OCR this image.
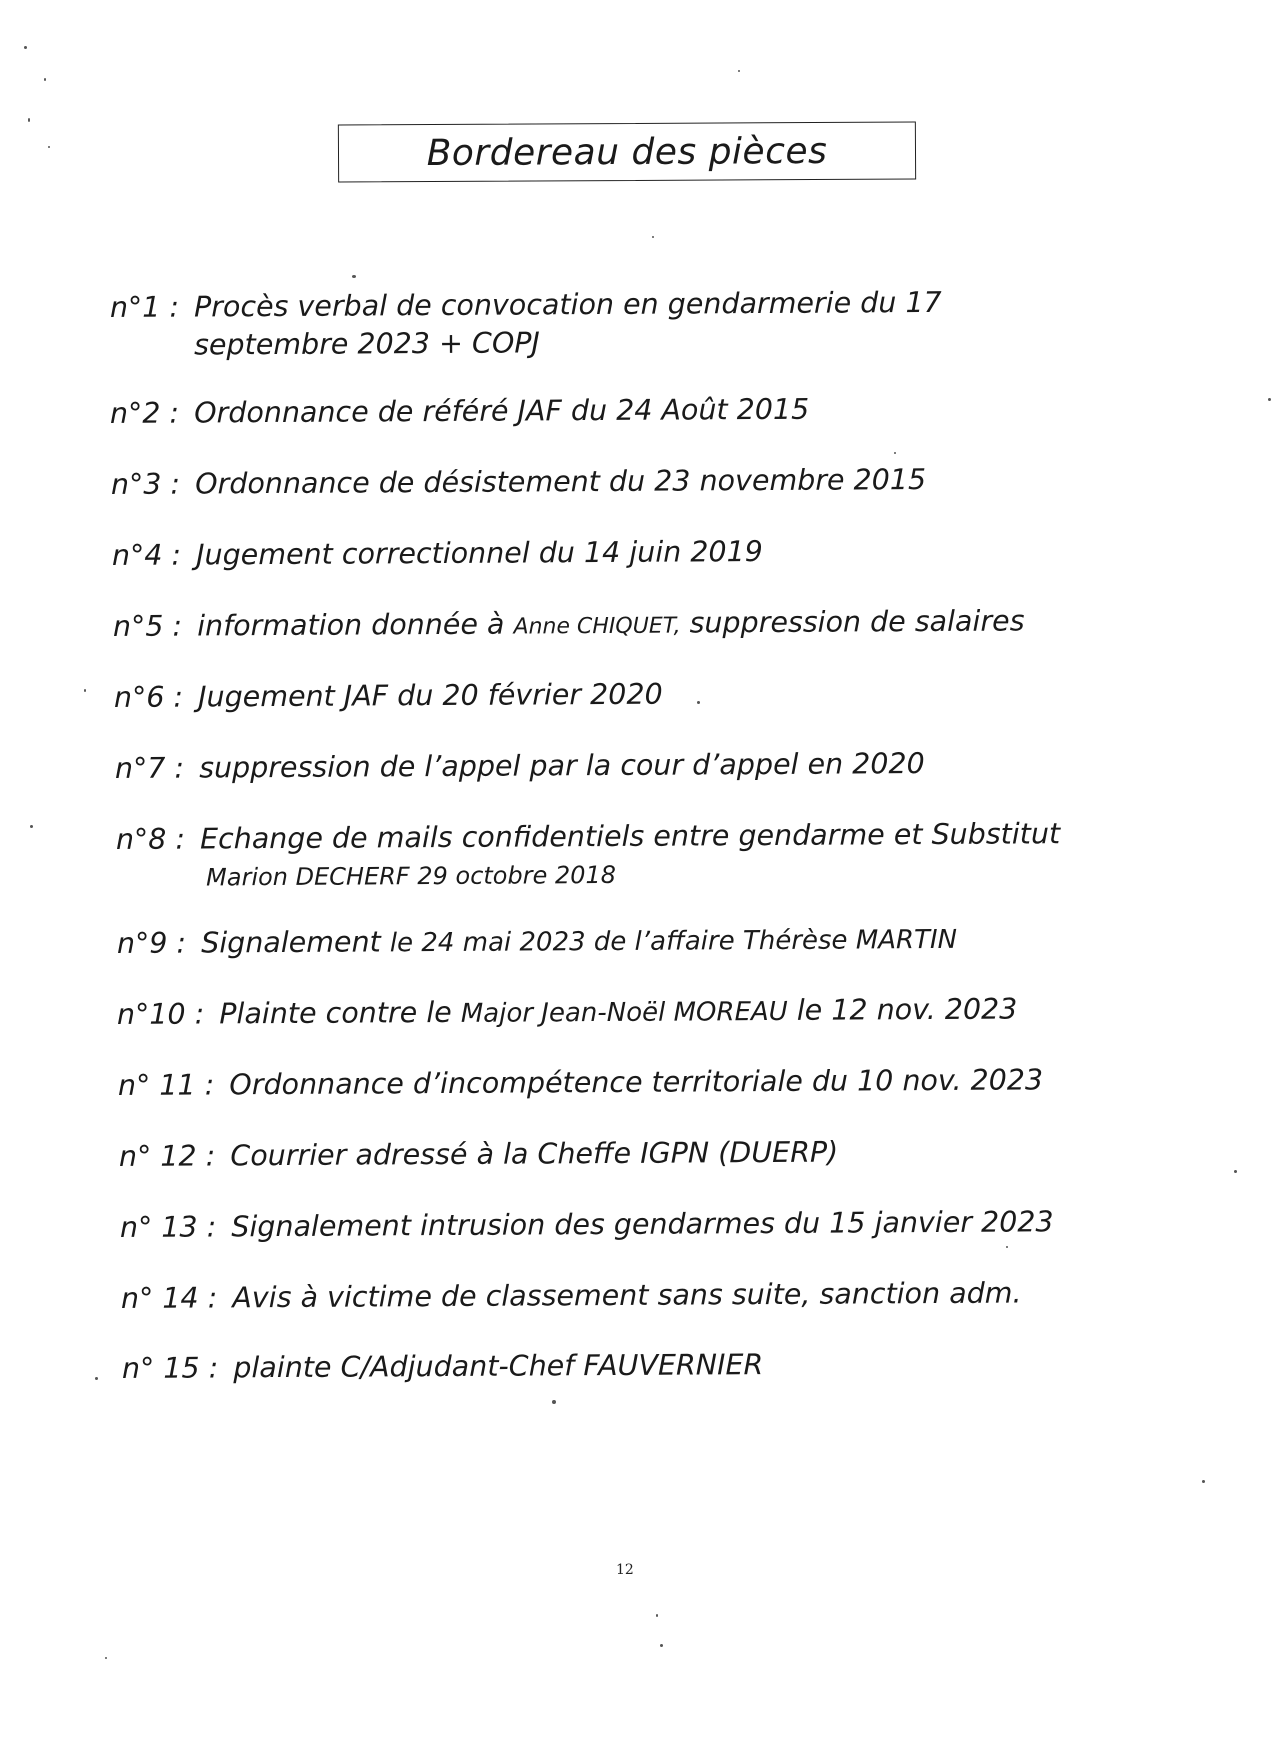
Bordereau des pièces
n°1 : Procès verbal de convocation en gendarmerie du 17
septembre 2023 + COPJ
n°2 : Ordonnance de référé JAF du 24 Août 2015
n°3 : Ordonnance de désistement du 23 novembre 2015
n°4 : Jugement correctionnel du 14 juin 2019
n°5 : information donnée à Anne CHIQUET, suppression de salaires
n°6 : Jugement JAF du 20 février 2020
n°7 : suppression de l’appel par la cour d’appel en 2020
n°8 : Echange de mails confidentiels entre gendarme et Substitut
Marion DECHERF 29 octobre 2018
n°9 : Signalement le 24 mai 2023 de l’affaire Thérèse MARTIN
n°10 : Plainte contre le Major Jean-Noël MOREAU le 12 nov. 2023
n° 11 : Ordonnance d’incompétence territoriale du 10 nov. 2023
n° 12 : Courrier adressé à la Cheffe IGPN (DUERP)
n° 13 : Signalement intrusion des gendarmes du 15 janvier 2023
n° 14 : Avis à victime de classement sans suite, sanction adm.
n° 15 : plainte C/Adjudant-Chef FAUVERNIER
12
